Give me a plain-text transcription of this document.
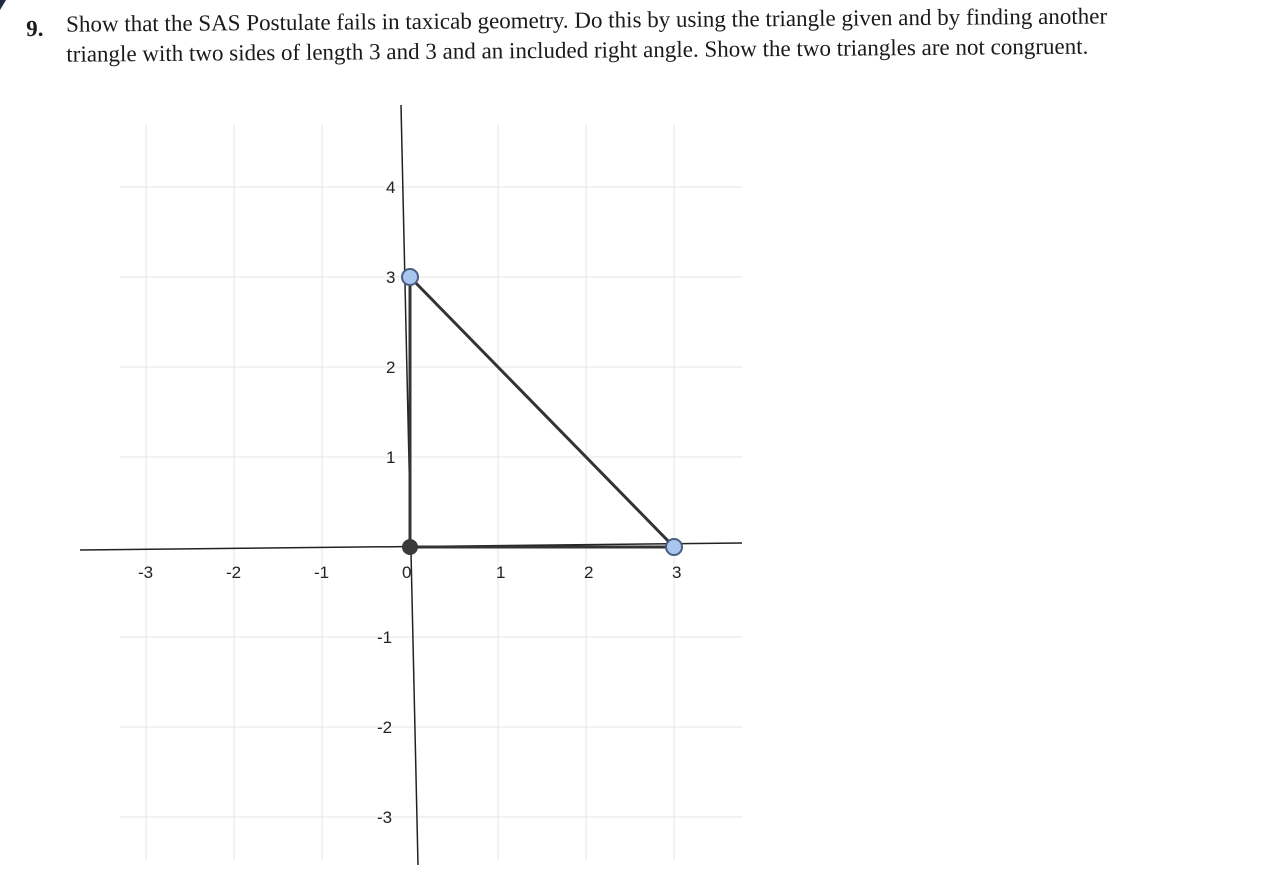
9. Show that the SAS Postulate fails in taxicab geometry. Do this by using the triangle given and by finding another
triangle with two sides of length 3 and 3 and an included right angle. Show the two triangles are not congruent.
-3	-2	-1	0	1	2	3
4
3
2
1
-1
-2
-3
